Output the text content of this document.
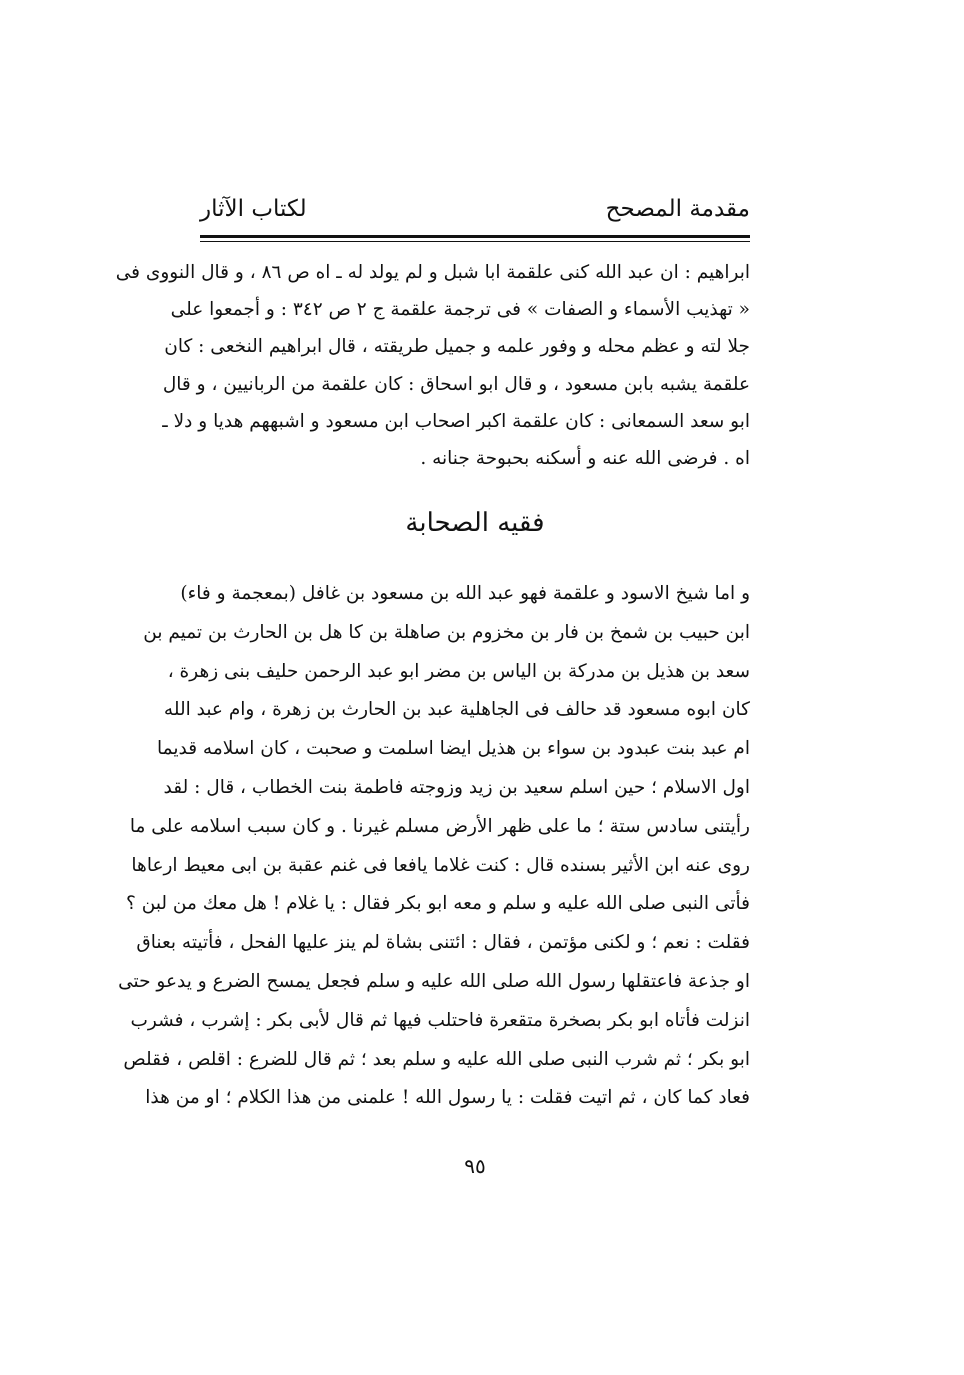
مقدمة المصحح
لكتاب الآثار
ابراهيم : ان عبد الله كنى علقمة ابا شبل و لم يولد له ـ اه ص ٨٦ ، و قال النووى فى
« تهذيب الأسماء و الصفات » فى ترجمة علقمة ج ٢ ص ٣٤٢ : و أجمعوا على
جلا لته و عظم محله و وفور علمه و جميل طريقته ، قال ابراهيم النخعى : كان
علقمة يشبه بابن مسعود ، و قال ابو اسحاق : كان علقمة من الربانيين ، و قال
ابو سعد السمعانى : كان علقمة اكبر اصحاب ابن مسعود و اشبههم هديا و دلا ـ
اه . فرضى الله عنه و أسكنه بحبوحة جنانه .
فقيه الصحابة
و اما شيخ الاسود و علقمة فهو عبد الله بن مسعود بن غافل (بمعجمة و فاء)
ابن حبيب بن شمخ بن فار بن مخزوم بن صاهلة بن كا هل بن الحارث بن تميم بن
سعد بن هذيل بن مدركة بن الياس بن مضر ابو عبد الرحمن حليف بنى زهرة ،
كان ابوه مسعود قد حالف فى الجاهلية عبد بن الحارث بن زهرة ، وام عبد الله
ام عبد بنت عبدود بن سواء بن هذيل ايضا اسلمت و صحبت ، كان اسلامه قديما
اول الاسلام ؛ حين اسلم سعيد بن زيد وزوجته فاطمة بنت الخطاب ، قال : لقد
رأيتنى سادس ستة ؛ ما على ظهر الأرض مسلم غيرنا . و كان سبب اسلامه على ما
روى عنه ابن الأثير بسنده قال : كنت غلاما يافعا فى غنم عقبة بن ابى معيط ارعاها
فأتى النبى صلى الله عليه و سلم و معه ابو بكر فقال : يا غلام ! هل معك من لبن ؟
فقلت : نعم ؛ و لكنى مؤتمن ، فقال : ائتنى بشاة لم ينز عليها الفحل ، فأتيته بعناق
او جذعة فاعتقلها رسول الله صلى الله عليه و سلم فجعل يمسح الضرع و يدعو حتى
انزلت فأتاه ابو بكر بصخرة متقعرة فاحتلب فيها ثم قال لأبى بكر : إشرب ، فشرب
ابو بكر ؛ ثم شرب النبى صلى الله عليه و سلم بعد ؛ ثم قال للضرع : اقلص ، فقلص
فعاد كما كان ، ثم اتيت فقلت : يا رسول الله ! علمنى من هذا الكلام ؛ او من هذا
٩٥
